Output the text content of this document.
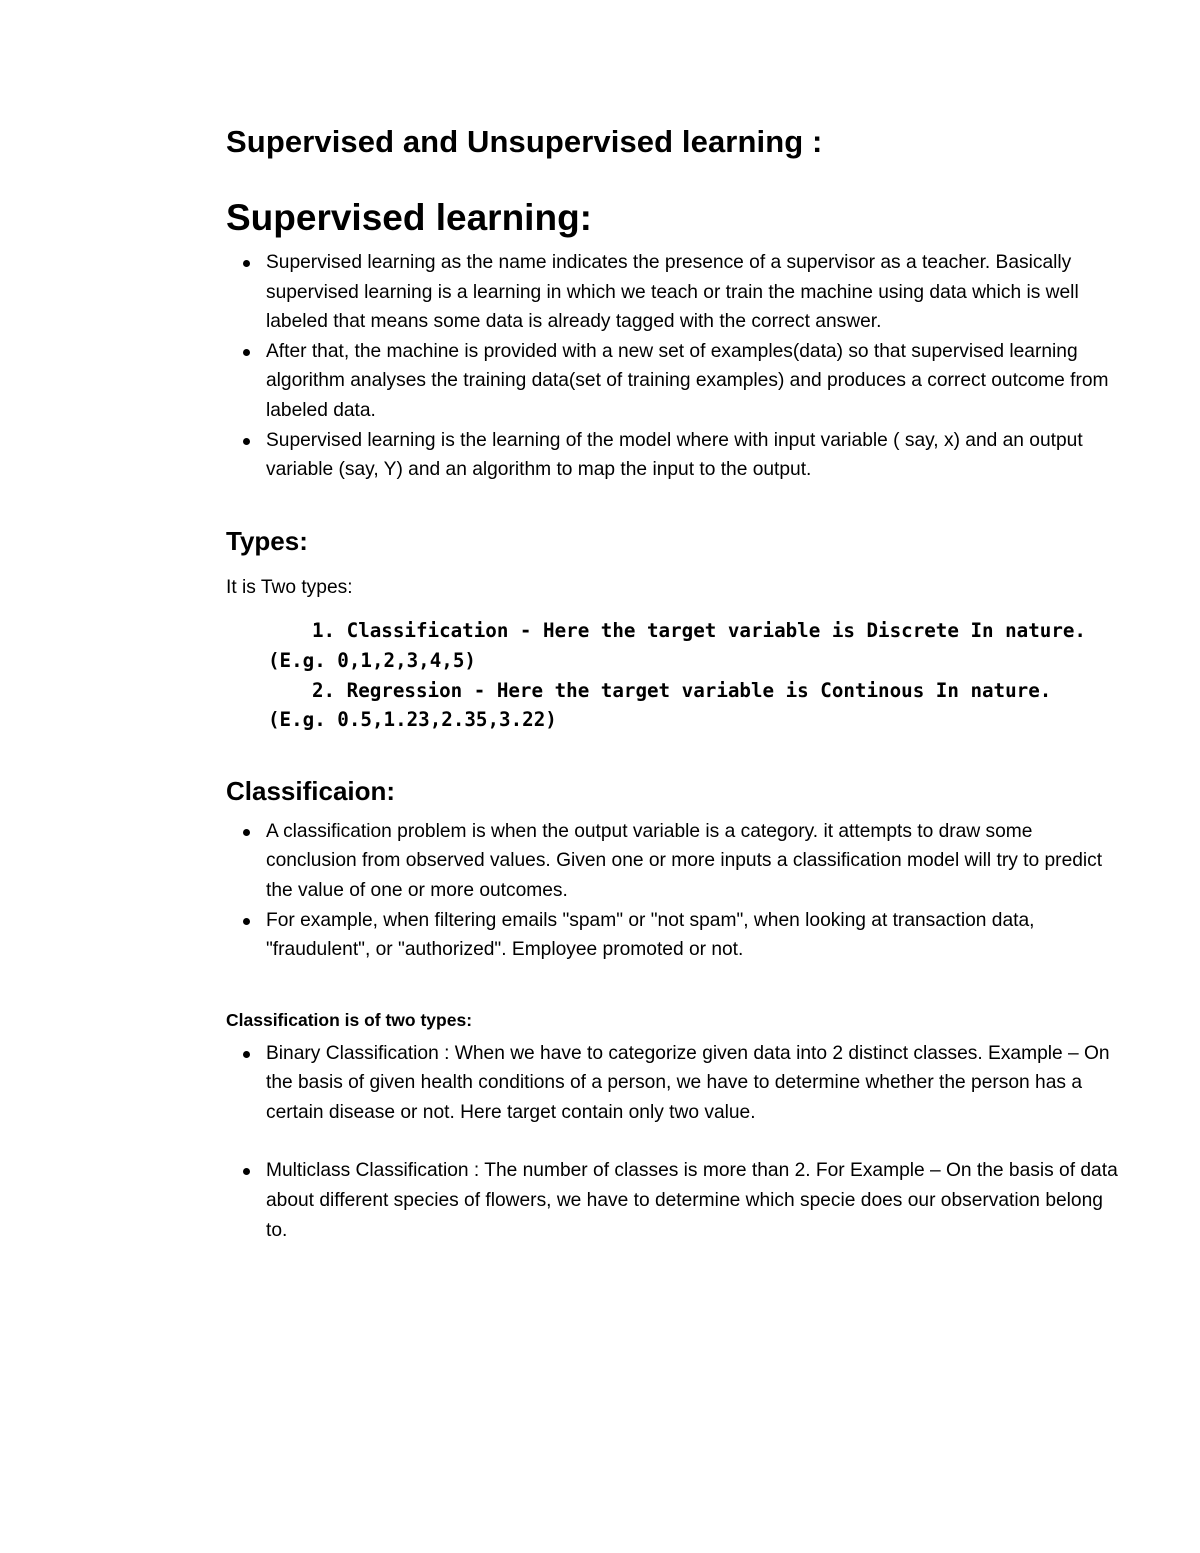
Supervised and Unsupervised learning :
Supervised learning:
Supervised learning as the name indicates the presence of a supervisor as a teacher. Basically supervised learning is a learning in which we teach or train the machine using data which is well labeled that means some data is already tagged with the correct answer.
After that, the machine is provided with a new set of examples(data) so that supervised learning algorithm analyses the training data(set of training examples) and produces a correct outcome from labeled data.
Supervised learning is the learning of the model where with input variable ( say, x) and an output variable (say, Y) and an algorithm to map the input to the output.
Types:

It is Two types:

1. Classification - Here the target variable is Discrete In nature. (E.g. 0,1,2,3,4,5)
2. Regression - Here the target variable is Continous In nature. (E.g. 0.5,1.23,2.35,3.22)
Classificaion:
A classification problem is when the output variable is a category. it attempts to draw some conclusion from observed values. Given one or more inputs a classification model will try to predict the value of one or more outcomes.
For example, when filtering emails "spam" or "not spam", when looking at transaction data, "fraudulent", or "authorized". Employee promoted or not.
Classification is of two types:
Binary Classification : When we have to categorize given data into 2 distinct classes. Example – On the basis of given health conditions of a person, we have to determine whether the person has a certain disease or not. Here target contain only two value.
Multiclass Classification : The number of classes is more than 2. For Example – On the basis of data about different species of flowers, we have to determine which specie does our observation belong to.
